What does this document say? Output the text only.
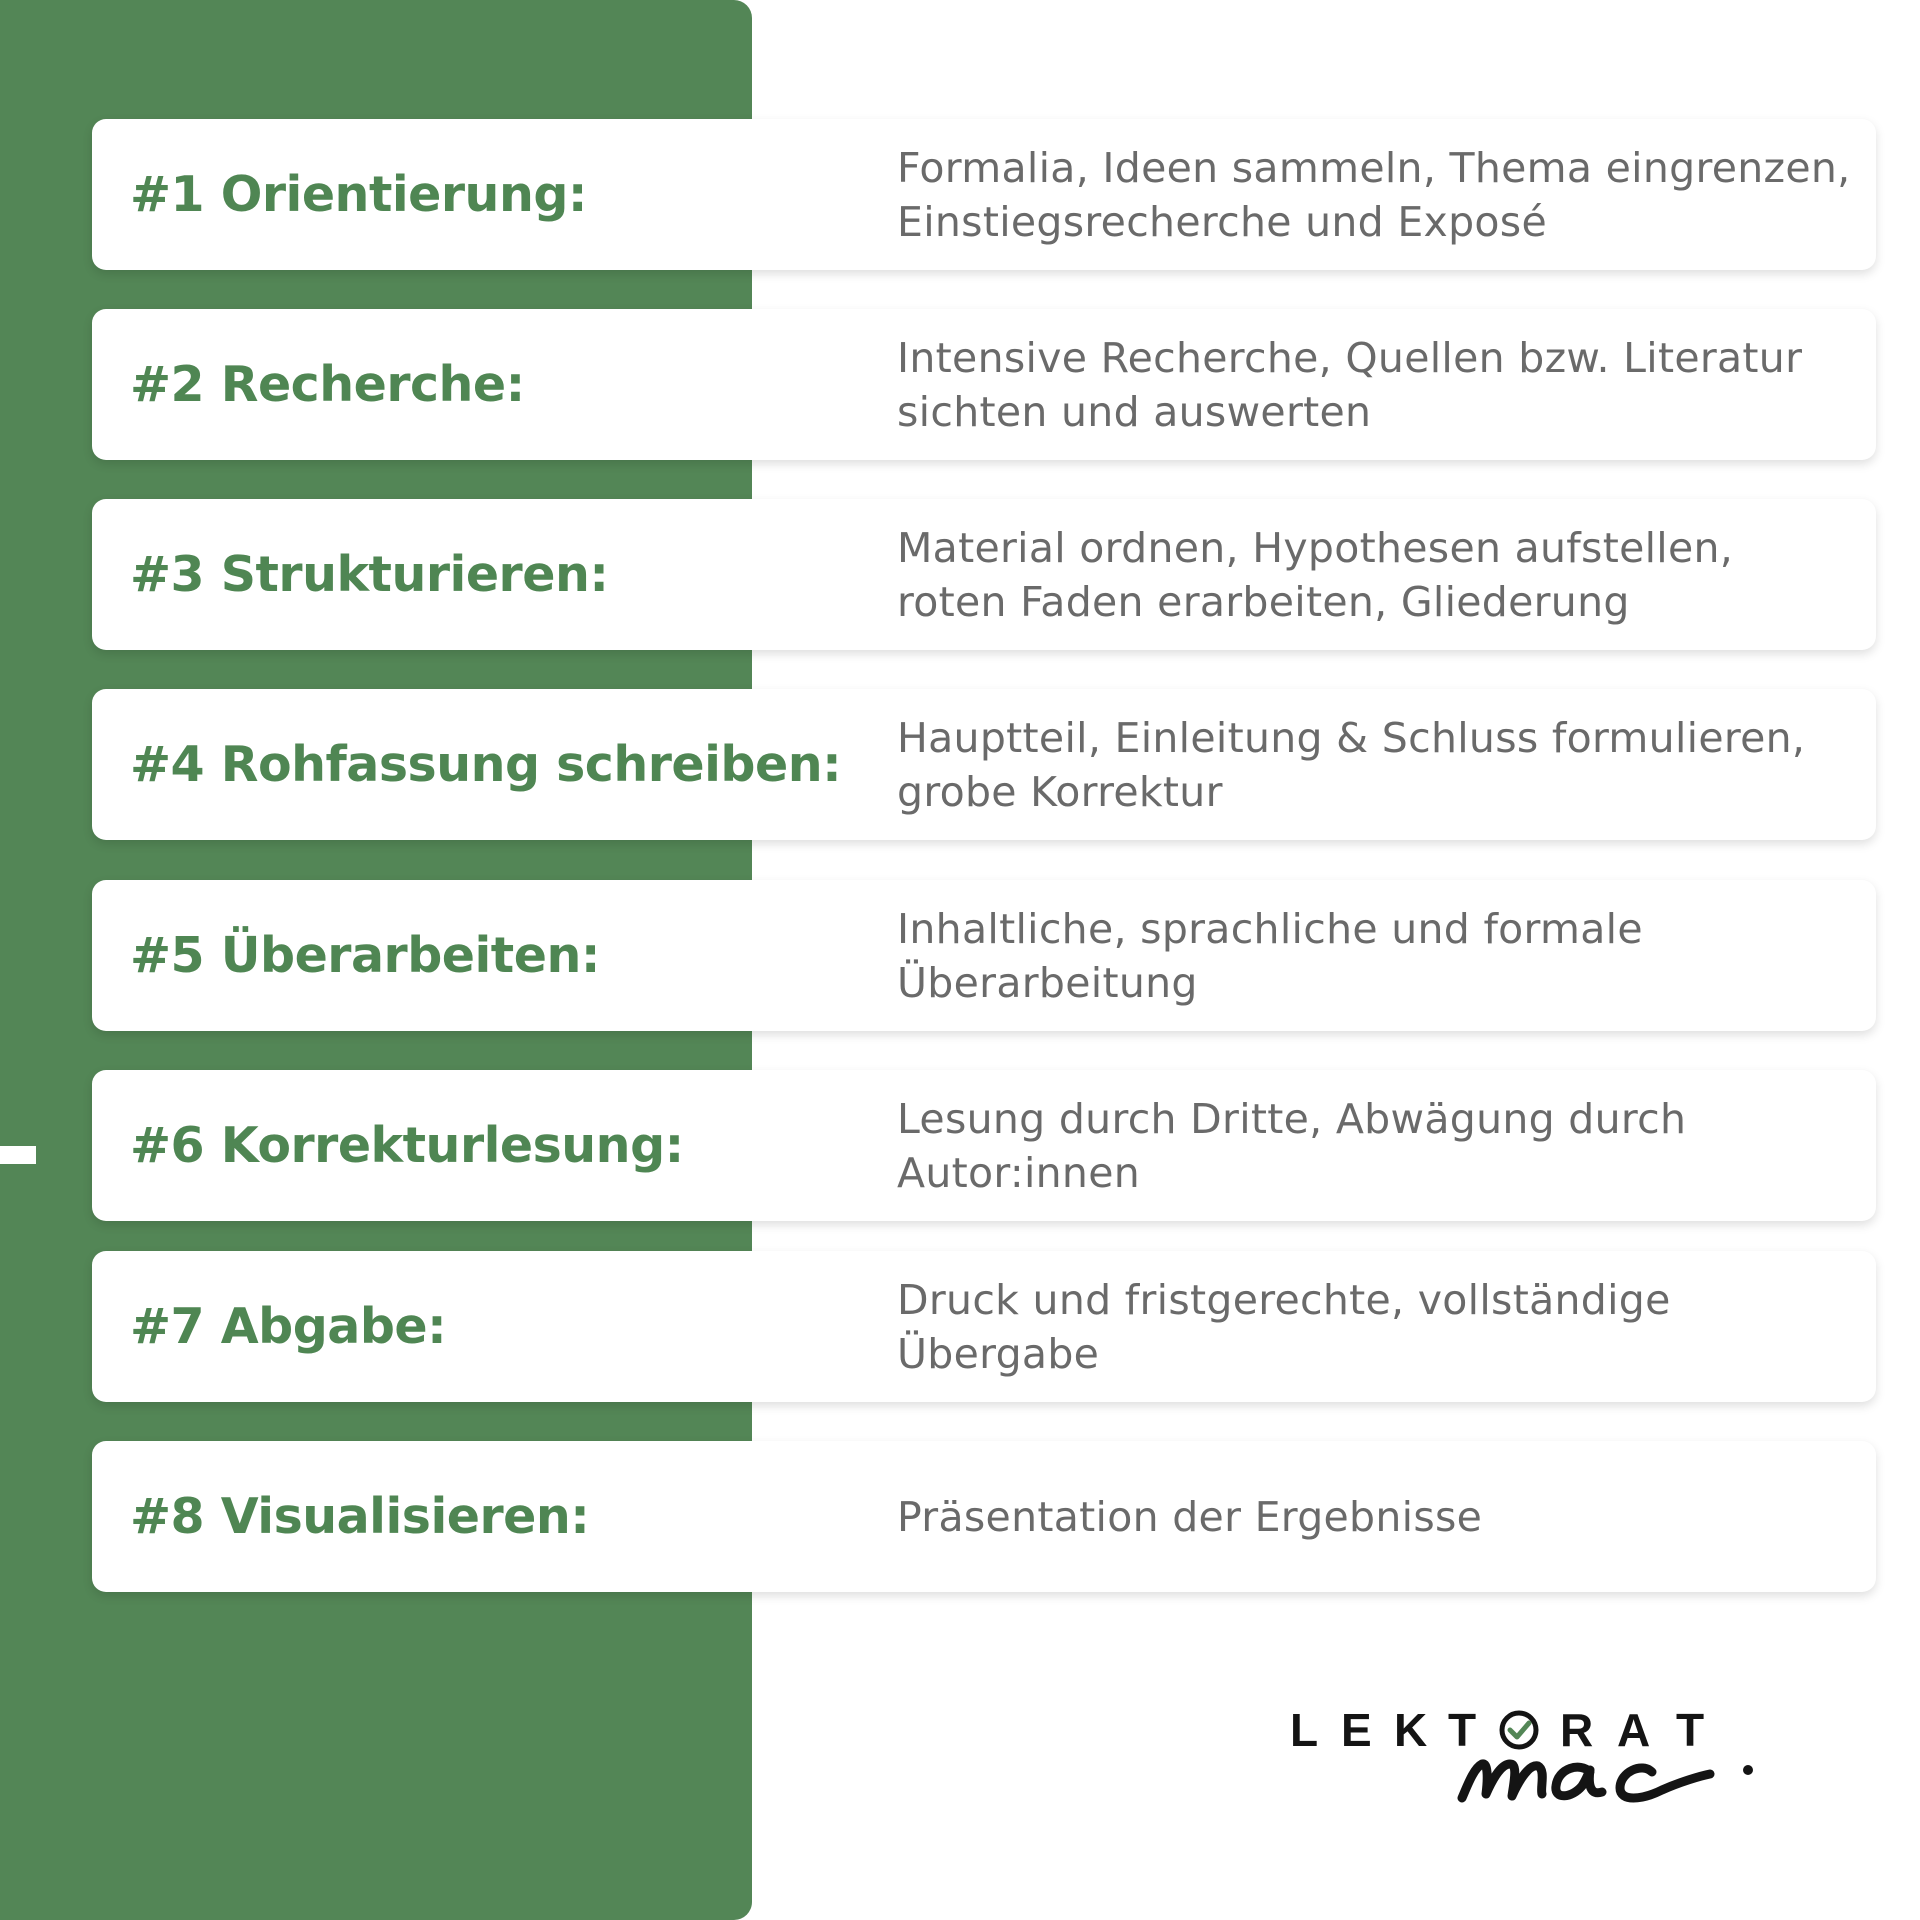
#1 Orientierung:	Formalia, Ideen sammeln, Thema eingrenzen,
Einstiegsrecherche und Exposé
#2 Recherche:	Intensive Recherche, Quellen bzw. Literatur
sichten und auswerten
#3 Strukturieren:	Material ordnen, Hypothesen aufstellen,
roten Faden erarbeiten, Gliederung
#4 Rohfassung schreiben: Hauptteil, Einleitung & Schluss formulieren,
grobe Korrektur
#5 Überarbeiten:	Inhaltliche, sprachliche und formale
Überarbeitung
#6 Korrekturlesung:	Lesung durch Dritte, Abwägung durch
Autor:innen
#7 Abgabe:	Druck und fristgerechte, vollständige
Übergabe
#8 Visualisieren:	Präsentation der Ergebnisse
L E K T R A T
